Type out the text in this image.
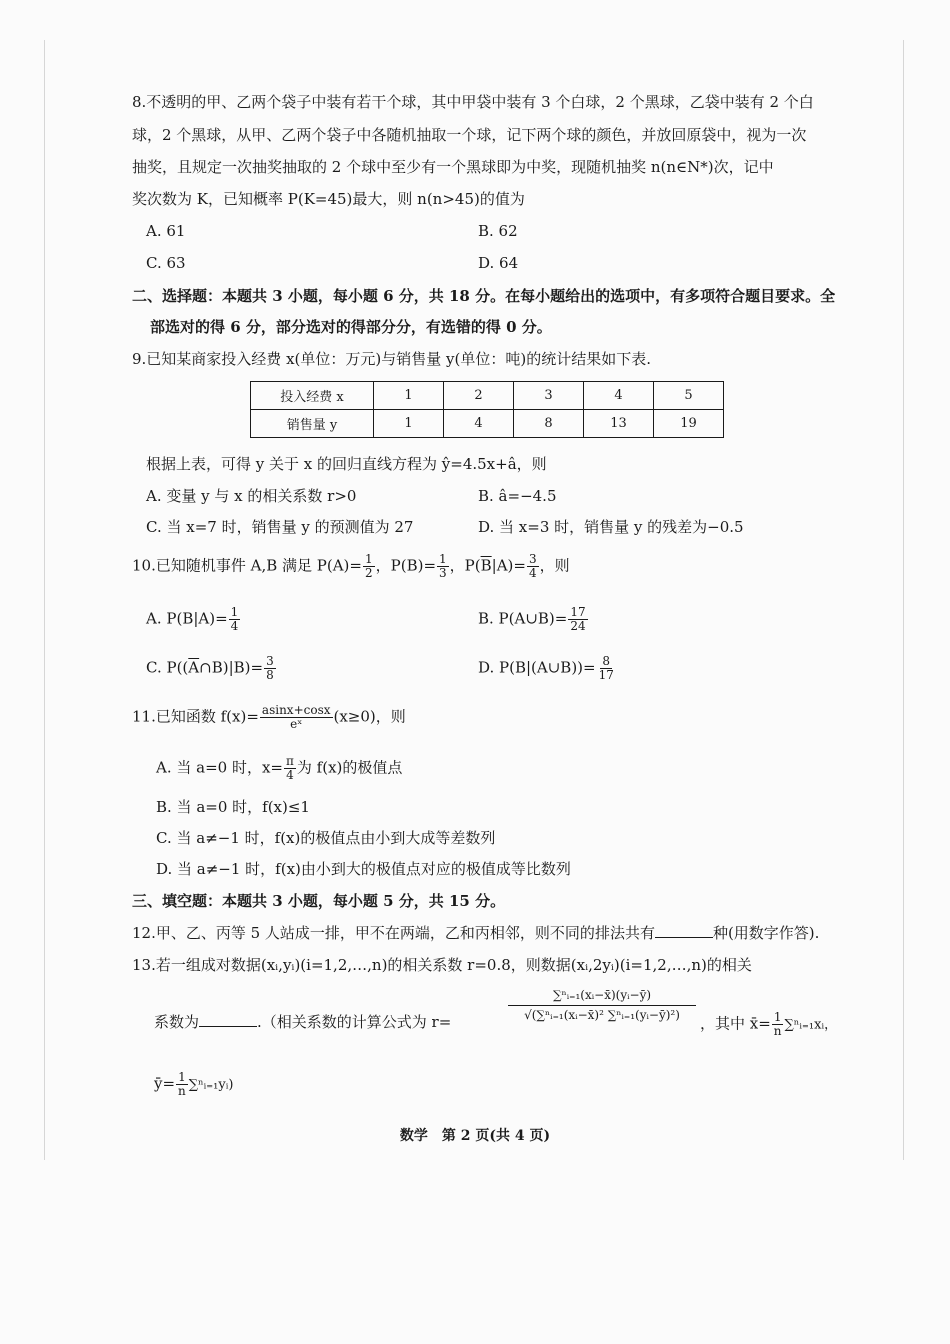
8.不透明的甲、乙两个袋子中装有若干个球，其中甲袋中装有 3 个白球，2 个黑球，乙袋中装有 2 个白
球，2 个黑球，从甲、乙两个袋子中各随机抽取一个球，记下两个球的颜色，并放回原袋中，视为一次
抽奖，且规定一次抽奖抽取的 2 个球中至少有一个黑球即为中奖，现随机抽奖 n(n∈N*)次，记中
奖次数为 K，已知概率 P(K=45)最大，则 n(n>45)的值为
A. 61	B. 62
C. 63	D. 64
二、选择题：本题共 3 小题，每小题 6 分，共 18 分。在每小题给出的选项中，有多项符合题目要求。全
部选对的得 6 分，部分选对的得部分分，有选错的得 0 分。
9.已知某商家投入经费 x(单位：万元)与销售量 y(单位：吨)的统计结果如下表.
投入经费 x	1	2	3	4	5
销售量 y	1	4	8	13	19
根据上表，可得 y 关于 x 的回归直线方程为 ŷ=4.5x+â，则
A. 变量 y 与 x 的相关系数 r>0	B. â=−4.5
C. 当 x=7 时，销售量 y 的预测值为 27	D. 当 x=3 时，销售量 y 的残差为−0.5
10.已知随机事件 A,B 满足 $P(A)= \frac{1}{2}$ ，$P(B)= \frac{1}{3}$ ，$P(\overline{B}|A)= \frac{3}{4}$ ，则
A. $P(B|A)= \frac{1}{4}$	B. P(A∪B)= $\frac{17}{24}$
C. $P((\overline{A}\cap B)|B)= \frac{3}{8}$	D. P(B|(A∪B))= $\frac{8}{17}$
11.已知函数 $f(x)= \frac{asinx+\cos x}{\text{eˣ}} (x\ge 0)$，则
A. 当 a=0 时，$x= \frac{\pi}{4}$ 为 f(x)的极值点
B. 当 a=0 时，f(x)≤1
C. 当 a≠−1 时，f(x)的极值点由小到大成等差数列
D. 当 a≠−1 时，f(x)由小到大的极值点对应的极值成等比数列
三、填空题：本题共 3 小题，每小题 5 分，共 15 分。
12.甲、乙、丙等 5 人站成一排，甲不在两端，乙和丙相邻，则不同的排法共有	种(用数字作答).
13.若一组成对数据(xᵢ,yᵢ)(i=1,2,…,n)的相关系数 r=0.8，则数据(xᵢ,2yᵢ)(i=1,2,…,n)的相关
系数为	.（相关系数的计算公式为 r=	$\frac{\text{∑ⁿᵢ₌₁(xᵢ−x̄)(yᵢ−ȳ)}}{\text{√(∑ⁿᵢ₌₁(xᵢ−x̄)² ∑ⁿᵢ₌₁(yᵢ−ȳ)²)}}$
，其中 x̄= $\frac{1}{n}$ ∑ⁿᵢ₌₁xᵢ，
ȳ= $\frac{1}{n}$ ∑ⁿᵢ₌₁yᵢ)
数学　第 2 页(共 4 页)
